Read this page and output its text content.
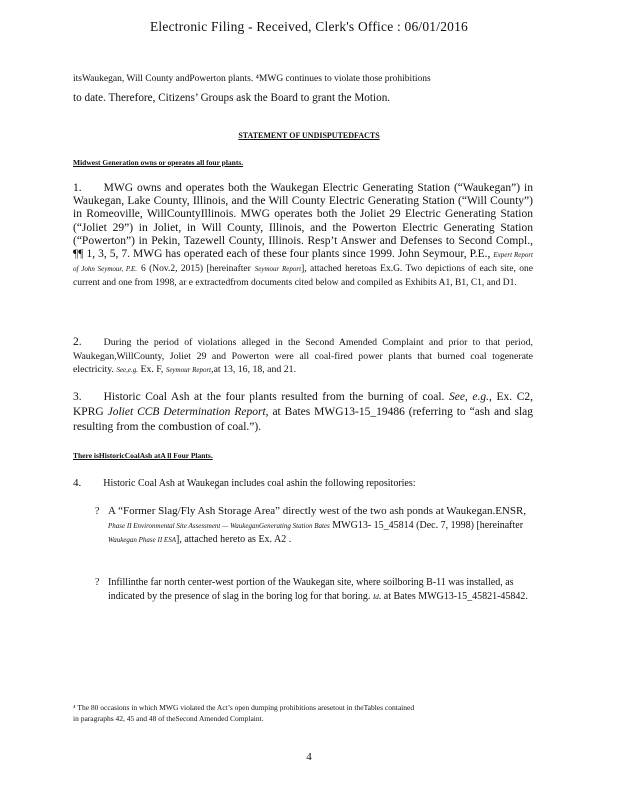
Electronic Filing - Received, Clerk's Office : 06/01/2016
itsWaukegan, Will County andPowerton plants. ⁴MWG continues to violate those prohibitions
to date. Therefore, Citizens’ Groups ask the Board to grant the Motion.
STATEMENT OF UNDISPUTEDFACTS
Midwest Generation owns or operates all four plants.
1. MWG owns and operates both the Waukegan Electric Generating Station (“Waukegan”) in Waukegan, Lake County, Illinois, and the Will County Electric Generating Station (“Will County”) in Romeoville, WillCountyIllinois. MWG operates both the Joliet 29 Electric Generating Station (“Joliet 29”) in Joliet, in Will County, Illinois, and the Powerton Electric Generating Station (“Powerton”) in Pekin, Tazewell County, Illinois. Resp’t Answer and Defenses to Second Compl., ¶¶ 1, 3, 5, 7. MWG has operated each of these four plants since 1999. John Seymour, P.E., Expert Report of John Seymour, P.E. 6 (Nov.2, 2015) [hereinafter Seymour Report], attached heretoas Ex.G. Two depictions of each site, one current and one from 1998, ar e extractedfrom documents cited below and compiled as Exhibits A1, B1, C1, and D1.
2. During the period of violations alleged in the Second Amended Complaint and prior to that period, Waukegan,WillCounty, Joliet 29 and Powerton were all coal-fired power plants that burned coal togenerate electricity. See,e.g. Ex. F, Seymour Report,at 13, 16, 18, and 21.
3. Historic Coal Ash at the four plants resulted from the burning of coal. See, e.g., Ex. C2, KPRG Joliet CCB Determination Report, at Bates MWG13-15_19486 (referring to “ash and slag resulting from the combustion of coal.”).
There isHistoricCoalAsh atA ll Four Plants.
4. Historic Coal Ash at Waukegan includes coal ashin the following repositories:
? A “Former Slag/Fly Ash Storage Area” directly west of the two ash ponds at Waukegan.ENSR, Phase II Environmental Site Assessment — WaukeganGenerating Station Bates MWG13- 15_45814 (Dec. 7, 1998) [hereinafter Waukegan Phase II ESA], attached hereto as Ex. A2 .
? Infillinthe far north center-west portion of the Waukegan site, where soilboring B-11 was installed, as indicated by the presence of slag in the boring log for that boring. Id. at Bates MWG13-15_45821-45842.
⁴ The 80 occasions in which MWG violated the Act’s open dumping prohibitions aresetout in theTables contained
in paragraphs 42, 45 and 48 of theSecond Amended Complaint.
4
